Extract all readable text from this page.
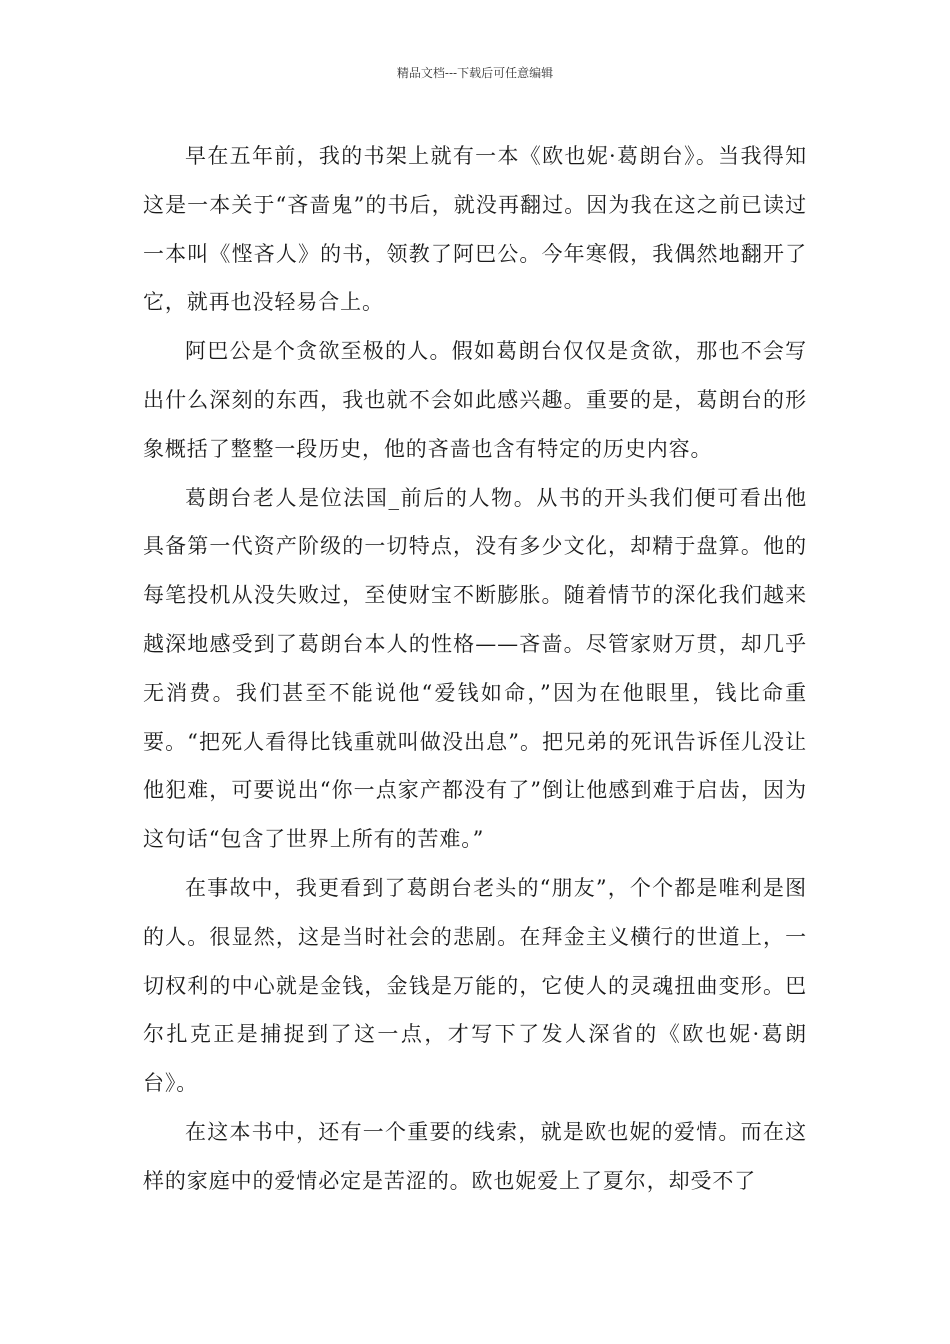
精品文档---下载后可任意编辑

早在五年前，我的书架上就有一本《欧也妮·葛朗台》。当我得知这是一本关于“吝啬鬼”的书后，就没再翻过。因为我在这之前已读过一本叫《悭吝人》的书，领教了阿巴公。今年寒假，我偶然地翻开了它，就再也没轻易合上。

阿巴公是个贪欲至极的人。假如葛朗台仅仅是贪欲，那也不会写出什么深刻的东西，我也就不会如此感兴趣。重要的是，葛朗台的形象概括了整整一段历史，他的吝啬也含有特定的历史内容。

葛朗台老人是位法国_前后的人物。从书的开头我们便可看出他具备第一代资产阶级的一切特点，没有多少文化，却精于盘算。他的每笔投机从没失败过，至使财宝不断膨胀。随着情节的深化我们越来越深地感受到了葛朗台本人的性格——吝啬。尽管家财万贯，却几乎无消费。我们甚至不能说他“爱钱如命，”因为在他眼里，钱比命重要。“把死人看得比钱重就叫做没出息”。把兄弟的死讯告诉侄儿没让他犯难，可要说出“你一点家产都没有了”倒让他感到难于启齿，因为这句话“包含了世界上所有的苦难。”

在事故中，我更看到了葛朗台老头的“朋友”，个个都是唯利是图的人。很显然，这是当时社会的悲剧。在拜金主义横行的世道上，一切权利的中心就是金钱，金钱是万能的，它使人的灵魂扭曲变形。巴尔扎克正是捕捉到了这一点，才写下了发人深省的《欧也妮·葛朗台》。

在这本书中，还有一个重要的线索，就是欧也妮的爱情。而在这样的家庭中的爱情必定是苦涩的。欧也妮爱上了夏尔，却受不了
